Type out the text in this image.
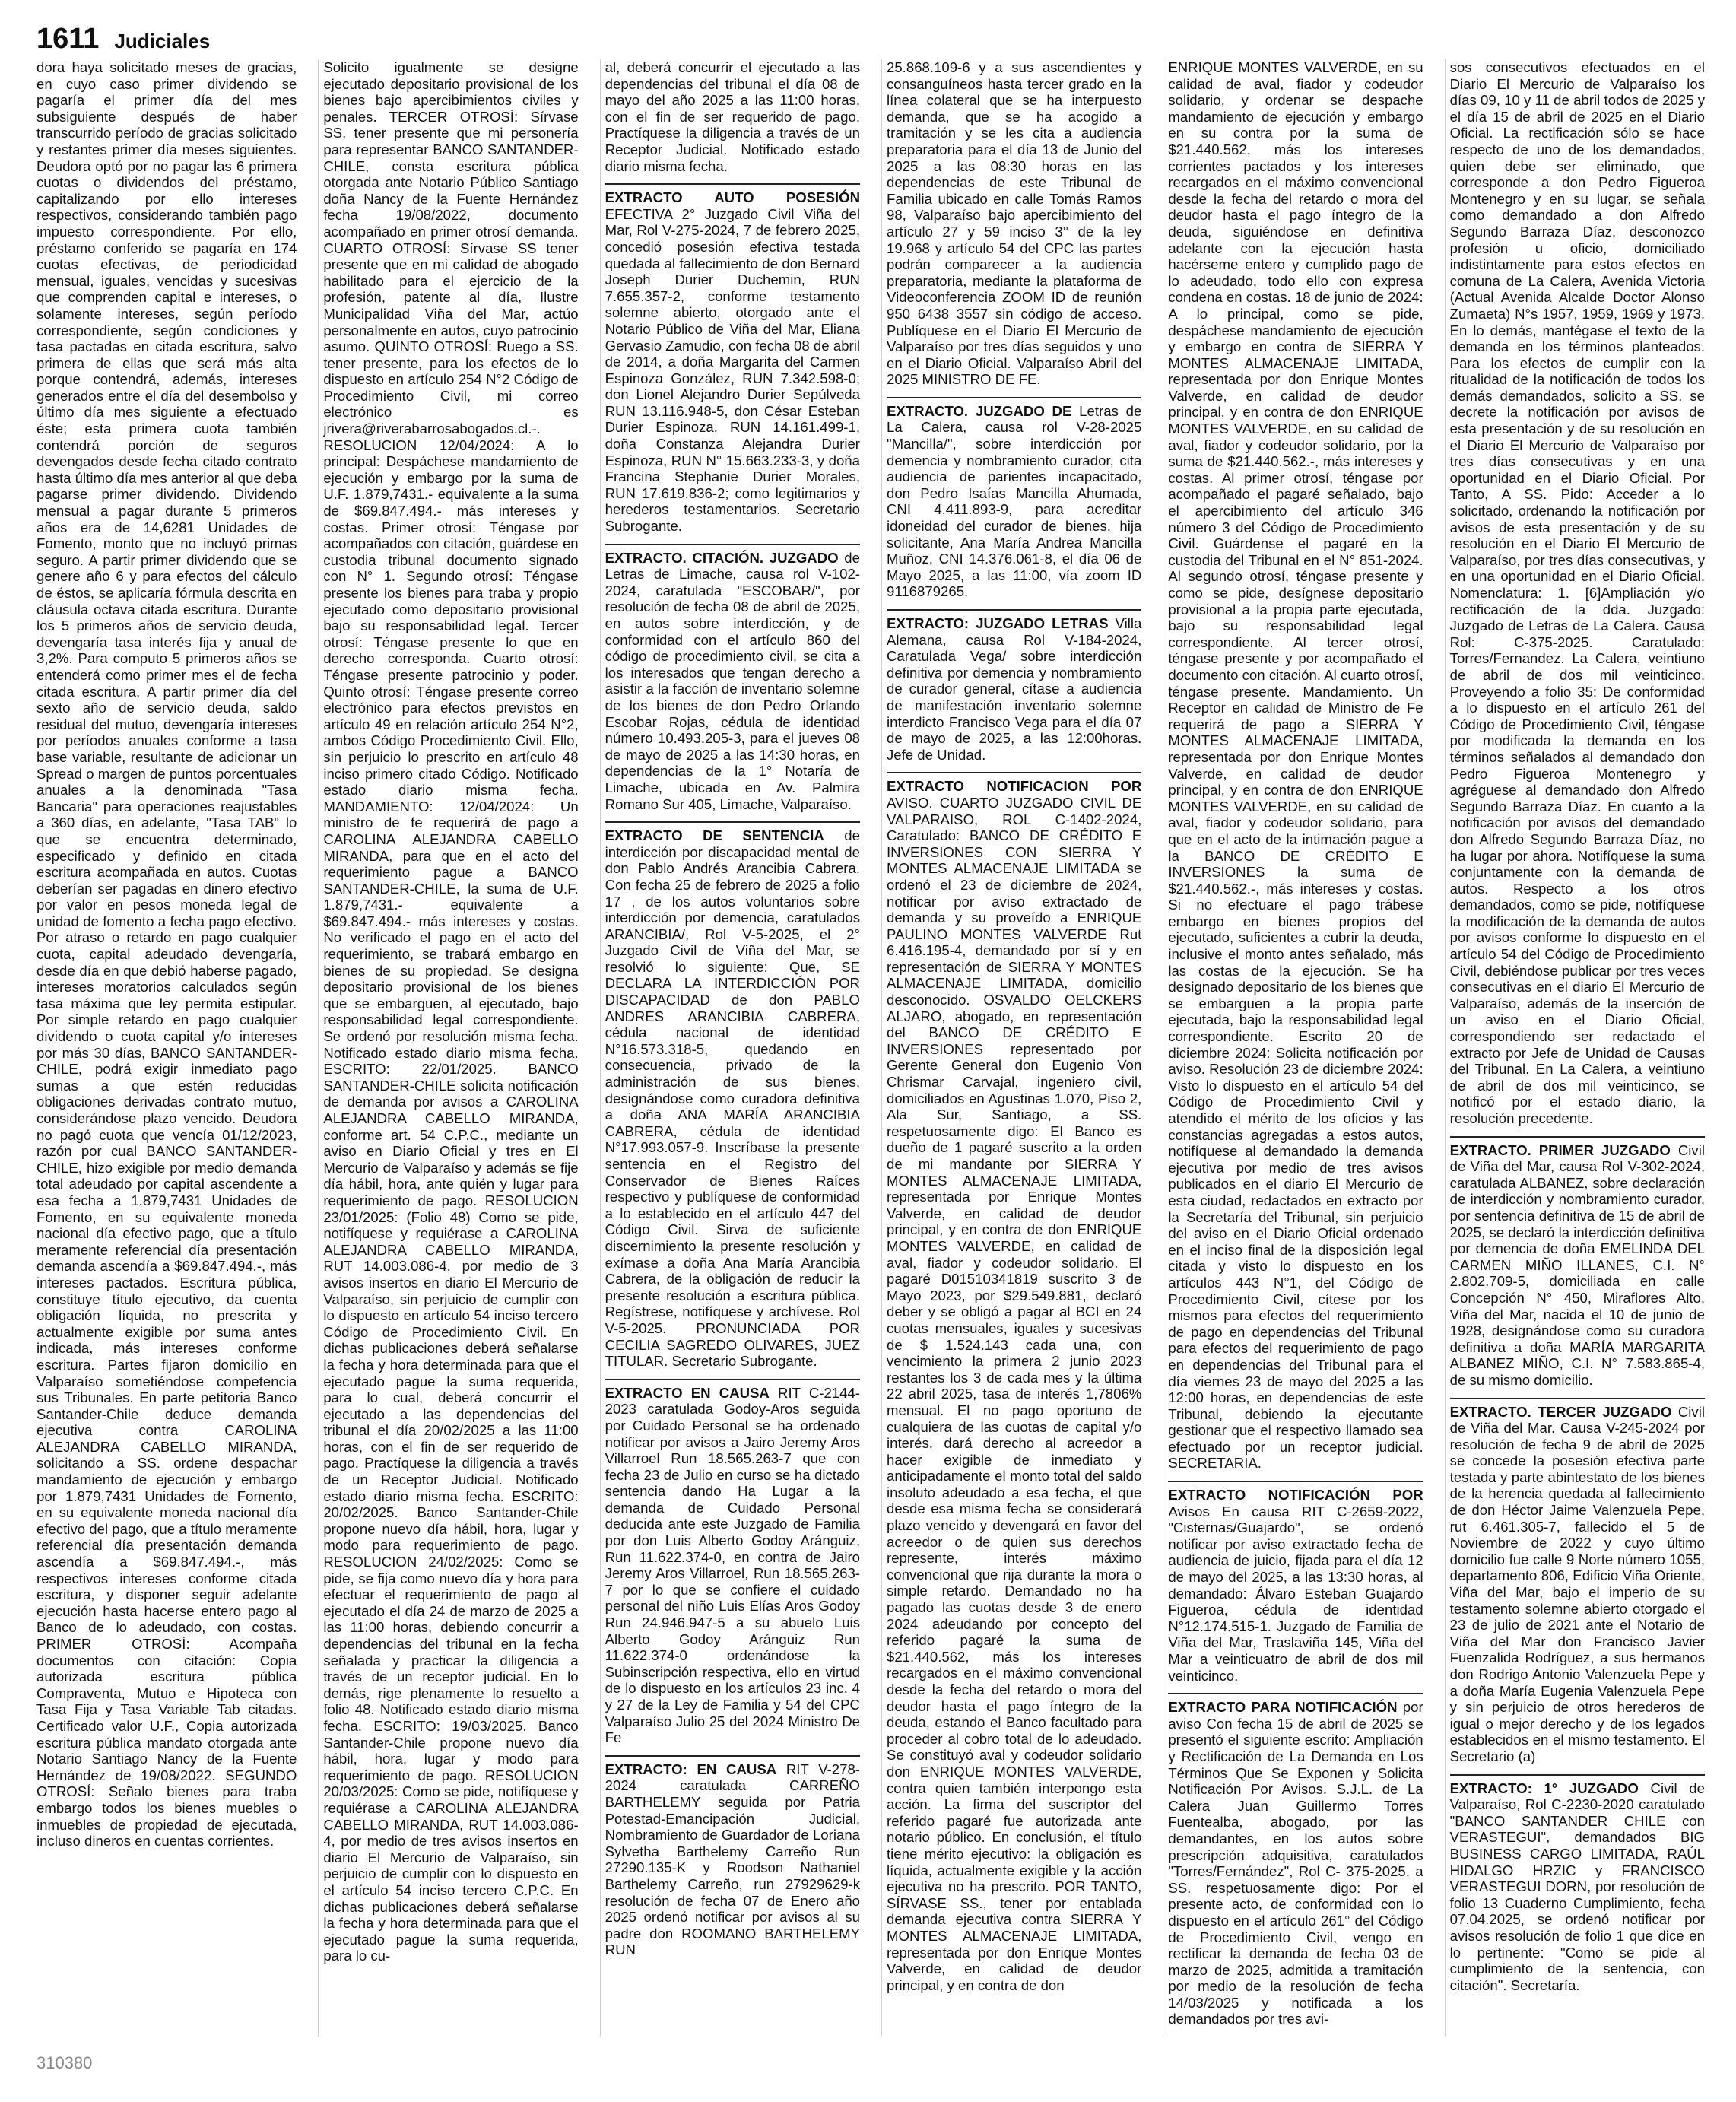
1611 Judiciales

dora haya solicitado meses de gracias, en cuyo caso primer dividendo se pagaría el primer día del mes subsiguiente después de haber transcurrido período de gracias solicitado y restantes primer día meses siguientes. Deudora optó por no pagar las 6 primera cuotas o dividendos del préstamo, capitalizando por ello intereses respectivos, considerando también pago impuesto correspondiente. Por ello, préstamo conferido se pagaría en 174 cuotas efectivas, de periodicidad mensual, iguales, vencidas y sucesivas que comprenden capital e intereses, o solamente intereses, según período correspondiente, según condiciones y tasa pactadas en citada escritura, salvo primera de ellas que será más alta porque contendrá, además, intereses generados entre el día del desembolso y último día mes siguiente a efectuado éste; esta primera cuota también contendrá porción de seguros devengados desde fecha citado contrato hasta último día mes anterior al que deba pagarse primer dividendo. Dividendo mensual a pagar durante 5 primeros años era de 14,6281 Unidades de Fomento, monto que no incluyó primas seguro. A partir primer dividendo que se genere año 6 y para efectos del cálculo de éstos, se aplicaría fórmula descrita en cláusula octava citada escritura. Durante los 5 primeros años de servicio deuda, devengaría tasa interés fija y anual de 3,2%. Para computo 5 primeros años se entenderá como primer mes el de fecha citada escritura. A partir primer día del sexto año de servicio deuda, saldo residual del mutuo, devengaría intereses por períodos anuales conforme a tasa base variable, resultante de adicionar un Spread o margen de puntos porcentuales anuales a la denominada "Tasa Bancaria" para operaciones reajustables a 360 días, en adelante, "Tasa TAB" lo que se encuentra determinado, especificado y definido en citada escritura acompañada en autos. Cuotas deberían ser pagadas en dinero efectivo por valor en pesos moneda legal de unidad de fomento a fecha pago efectivo. Por atraso o retardo en pago cualquier cuota, capital adeudado devengaría, desde día en que debió haberse pagado, intereses moratorios calculados según tasa máxima que ley permita estipular. Por simple retardo en pago cualquier dividendo o cuota capital y/o intereses por más 30 días, BANCO SANTANDER-CHILE, podrá exigir inmediato pago sumas a que estén reducidas obligaciones derivadas contrato mutuo, considerándose plazo vencido. Deudora no pagó cuota que vencía 01/12/2023, razón por cual BANCO SANTANDER-CHILE, hizo exigible por medio demanda total adeudado por capital ascendente a esa fecha a 1.879,7431 Unidades de Fomento, en su equivalente moneda nacional día efectivo pago, que a título meramente referencial día presentación demanda ascendía a $69.847.494.-, más intereses pactados. Escritura pública, constituye título ejecutivo, da cuenta obligación líquida, no prescrita y actualmente exigible por suma antes indicada, más intereses conforme escritura. Partes fijaron domicilio en Valparaíso sometiéndose competencia sus Tribunales. En parte petitoria Banco Santander-Chile deduce demanda ejecutiva contra CAROLINA ALEJANDRA CABELLO MIRANDA, solicitando a SS. ordene despachar mandamiento de ejecución y embargo por 1.879,7431 Unidades de Fomento, en su equivalente moneda nacional día efectivo del pago, que a título meramente referencial día presentación demanda ascendía a $69.847.494.-, más respectivos intereses conforme citada escritura, y disponer seguir adelante ejecución hasta hacerse entero pago al Banco de lo adeudado, con costas. PRIMER OTROSÍ: Acompaña documentos con citación: Copia autorizada escritura pública Compraventa, Mutuo e Hipoteca con Tasa Fija y Tasa Variable Tab citadas. Certificado valor U.F., Copia autorizada escritura pública mandato otorgada ante Notario Santiago Nancy de la Fuente Hernández de 19/08/2022. SEGUNDO OTROSÍ: Señalo bienes para traba embargo todos los bienes muebles o inmuebles de propiedad de ejecutada, incluso dineros en cuentas corrientes.

Solicito igualmente se designe ejecutado depositario provisional de los bienes bajo apercibimientos civiles y penales. TERCER OTROSÍ: Sírvase SS. tener presente que mi personería para representar BANCO SANTANDER-CHILE, consta escritura pública otorgada ante Notario Público Santiago doña Nancy de la Fuente Hernández fecha 19/08/2022, documento acompañado en primer otrosí demanda. CUARTO OTROSÍ: Sírvase SS tener presente que en mi calidad de abogado habilitado para el ejercicio de la profesión, patente al día, Ilustre Municipalidad Viña del Mar, actúo personalmente en autos, cuyo patrocinio asumo. QUINTO OTROSÍ: Ruego a SS. tener presente, para los efectos de lo dispuesto en artículo 254 N°2 Código de Procedimiento Civil, mi correo electrónico es jrivera@riverabarrosabogados.cl.-. RESOLUCION 12/04/2024: A lo principal: Despáchese mandamiento de ejecución y embargo por la suma de U.F. 1.879,7431.- equivalente a la suma de $69.847.494.- más intereses y costas. Primer otrosí: Téngase por acompañados con citación, guárdese en custodia tribunal documento signado con N° 1. Segundo otrosí: Téngase presente los bienes para traba y propio ejecutado como depositario provisional bajo su responsabilidad legal. Tercer otrosí: Téngase presente lo que en derecho corresponda. Cuarto otrosí: Téngase presente patrocinio y poder. Quinto otrosí: Téngase presente correo electrónico para efectos previstos en artículo 49 en relación artículo 254 N°2, ambos Código Procedimiento Civil. Ello, sin perjuicio lo prescrito en artículo 48 inciso primero citado Código. Notificado estado diario misma fecha. MANDAMIENTO: 12/04/2024: Un ministro de fe requerirá de pago a CAROLINA ALEJANDRA CABELLO MIRANDA, para que en el acto del requerimiento pague a BANCO SANTANDER-CHILE, la suma de U.F. 1.879,7431.- equivalente a $69.847.494.- más intereses y costas. No verificado el pago en el acto del requerimiento, se trabará embargo en bienes de su propiedad. Se designa depositario provisional de los bienes que se embarguen, al ejecutado, bajo responsabilidad legal correspondiente. Se ordenó por resolución misma fecha. Notificado estado diario misma fecha. ESCRITO: 22/01/2025. BANCO SANTANDER-CHILE solicita notificación de demanda por avisos a CAROLINA ALEJANDRA CABELLO MIRANDA, conforme art. 54 C.P.C., mediante un aviso en Diario Oficial y tres en El Mercurio de Valparaíso y además se fije día hábil, hora, ante quién y lugar para requerimiento de pago. RESOLUCION 23/01/2025: (Folio 48) Como se pide, notifíquese y requiérase a CAROLINA ALEJANDRA CABELLO MIRANDA, RUT 14.003.086-4, por medio de 3 avisos insertos en diario El Mercurio de Valparaíso, sin perjuicio de cumplir con lo dispuesto en artículo 54 inciso tercero Código de Procedimiento Civil. En dichas publicaciones deberá señalarse la fecha y hora determinada para que el ejecutado pague la suma requerida, para lo cual, deberá concurrir el ejecutado a las dependencias del tribunal el día 20/02/2025 a las 11:00 horas, con el fin de ser requerido de pago. Practíquese la diligencia a través de un Receptor Judicial. Notificado estado diario misma fecha. ESCRITO: 20/02/2025. Banco Santander-Chile propone nuevo día hábil, hora, lugar y modo para requerimiento de pago. RESOLUCION 24/02/2025: Como se pide, se fija como nuevo día y hora para efectuar el requerimiento de pago al ejecutado el día 24 de marzo de 2025 a las 11:00 horas, debiendo concurrir a dependencias del tribunal en la fecha señalada y practicar la diligencia a través de un receptor judicial. En lo demás, rige plenamente lo resuelto a folio 48. Notificado estado diario misma fecha. ESCRITO: 19/03/2025. Banco Santander-Chile propone nuevo día hábil, hora, lugar y modo para requerimiento de pago. RESOLUCION 20/03/2025: Como se pide, notifíquese y requiérase a CAROLINA ALEJANDRA CABELLO MIRANDA, RUT 14.003.086-4, por medio de tres avisos insertos en diario El Mercurio de Valparaíso, sin perjuicio de cumplir con lo dispuesto en el artículo 54 inciso tercero C.P.C. En dichas publicaciones deberá señalarse la fecha y hora determinada para que el ejecutado pague la suma requerida, para lo cu-

al, deberá concurrir el ejecutado a las dependencias del tribunal el día 08 de mayo del año 2025 a las 11:00 horas, con el fin de ser requerido de pago. Practíquese la diligencia a través de un Receptor Judicial. Notificado estado diario misma fecha.

EXTRACTO AUTO POSESIÓN EFECTIVA 2° Juzgado Civil Viña del Mar, Rol V-275-2024, 7 de febrero 2025, concedió posesión efectiva testada quedada al fallecimiento de don Bernard Joseph Durier Duchemin, RUN 7.655.357-2, conforme testamento solemne abierto, otorgado ante el Notario Público de Viña del Mar, Eliana Gervasio Zamudio, con fecha 08 de abril de 2014, a doña Margarita del Carmen Espinoza González, RUN 7.342.598-0; don Lionel Alejandro Durier Sepúlveda RUN 13.116.948-5, don César Esteban Durier Espinoza, RUN 14.161.499-1, doña Constanza Alejandra Durier Espinoza, RUN N° 15.663.233-3, y doña Francina Stephanie Durier Morales, RUN 17.619.836-2; como legitimarios y herederos testamentarios. Secretario Subrogante.

EXTRACTO. CITACIÓN. JUZGADO de Letras de Limache, causa rol V-102-2024, caratulada "ESCOBAR/", por resolución de fecha 08 de abril de 2025, en autos sobre interdicción, y de conformidad con el artículo 860 del código de procedimiento civil, se cita a los interesados que tengan derecho a asistir a la facción de inventario solemne de los bienes de don Pedro Orlando Escobar Rojas, cédula de identidad número 10.493.205-3, para el jueves 08 de mayo de 2025 a las 14:30 horas, en dependencias de la 1° Notaría de Limache, ubicada en Av. Palmira Romano Sur 405, Limache, Valparaíso.

EXTRACTO DE SENTENCIA de interdicción por discapacidad mental de don Pablo Andrés Arancibia Cabrera. Con fecha 25 de febrero de 2025 a folio 17 , de los autos voluntarios sobre interdicción por demencia, caratulados ARANCIBIA/, Rol V-5-2025, el 2° Juzgado Civil de Viña del Mar, se resolvió lo siguiente: Que, SE DECLARA LA INTERDICCIÓN POR DISCAPACIDAD de don PABLO ANDRES ARANCIBIA CABRERA, cédula nacional de identidad N°16.573.318-5, quedando en consecuencia, privado de la administración de sus bienes, designándose como curadora definitiva a doña ANA MARÍA ARANCIBIA CABRERA, cédula de identidad N°17.993.057-9. Inscríbase la presente sentencia en el Registro del Conservador de Bienes Raíces respectivo y publíquese de conformidad a lo establecido en el artículo 447 del Código Civil. Sirva de suficiente discernimiento la presente resolución y exímase a doña Ana María Arancibia Cabrera, de la obligación de reducir la presente resolución a escritura pública. Regístrese, notifíquese y archívese. Rol V-5-2025. PRONUNCIADA POR CECILIA SAGREDO OLIVARES, JUEZ TITULAR. Secretario Subrogante.

EXTRACTO EN CAUSA RIT C-2144-2023 caratulada Godoy-Aros seguida por Cuidado Personal se ha ordenado notificar por avisos a Jairo Jeremy Aros Villarroel Run 18.565.263-7 que con fecha 23 de Julio en curso se ha dictado sentencia dando Ha Lugar a la demanda de Cuidado Personal deducida ante este Juzgado de Familia por don Luis Alberto Godoy Aránguiz, Run 11.622.374-0, en contra de Jairo Jeremy Aros Villarroel, Run 18.565.263-7 por lo que se confiere el cuidado personal del niño Luis Elías Aros Godoy Run 24.946.947-5 a su abuelo Luis Alberto Godoy Aránguiz Run 11.622.374-0 ordenándose la Subinscripción respectiva, ello en virtud de lo dispuesto en los artículos 23 inc. 4 y 27 de la Ley de Familia y 54 del CPC Valparaíso Julio 25 del 2024 Ministro De Fe

EXTRACTO: EN CAUSA RIT V-278-2024 caratulada CARREÑO BARTHELEMY seguida por Patria Potestad-Emancipación Judicial, Nombramiento de Guardador de Loriana Sylvetha Barthelemy Carreño Run 27290.135-K y Roodson Nathaniel Barthelemy Carreño, run 27929629-k resolución de fecha 07 de Enero año 2025 ordenó notificar por avisos al su padre don ROOMANO BARTHELEMY RUN

25.868.109-6 y a sus ascendientes y consanguíneos hasta tercer grado en la línea colateral que se ha interpuesto demanda, que se ha acogido a tramitación y se les cita a audiencia preparatoria para el día 13 de Junio del 2025 a las 08:30 horas en las dependencias de este Tribunal de Familia ubicado en calle Tomás Ramos 98, Valparaíso bajo apercibimiento del artículo 27 y 59 inciso 3° de la ley 19.968 y artículo 54 del CPC las partes podrán comparecer a la audiencia preparatoria, mediante la plataforma de Videoconferencia ZOOM ID de reunión 950 6438 3557 sin código de acceso. Publíquese en el Diario El Mercurio de Valparaíso por tres días seguidos y uno en el Diario Oficial. Valparaíso Abril del 2025 MINISTRO DE FE.

EXTRACTO. JUZGADO DE Letras de La Calera, causa rol V-28-2025 "Mancilla/", sobre interdicción por demencia y nombramiento curador, cita audiencia de parientes incapacitado, don Pedro Isaías Mancilla Ahumada, CNI 4.411.893-9, para acreditar idoneidad del curador de bienes, hija solicitante, Ana María Andrea Mancilla Muñoz, CNI 14.376.061-8, el día 06 de Mayo 2025, a las 11:00, vía zoom ID 9116879265.

EXTRACTO: JUZGADO LETRAS Villa Alemana, causa Rol V-184-2024, Caratulada Vega/ sobre interdicción definitiva por demencia y nombramiento de curador general, cítase a audiencia de manifestación inventario solemne interdicto Francisco Vega para el día 07 de mayo de 2025, a las 12:00horas. Jefe de Unidad.

EXTRACTO NOTIFICACION POR AVISO. CUARTO JUZGADO CIVIL DE VALPARAISO, ROL C-1402-2024, Caratulado: BANCO DE CRÉDITO E INVERSIONES CON SIERRA Y MONTES ALMACENAJE LIMITADA se ordenó el 23 de diciembre de 2024, notificar por aviso extractado de demanda y su proveído a ENRIQUE PAULINO MONTES VALVERDE Rut 6.416.195-4, demandado por sí y en representación de SIERRA Y MONTES ALMACENAJE LIMITADA, domicilio desconocido. OSVALDO OELCKERS ALJARO, abogado, en representación del BANCO DE CRÉDITO E INVERSIONES representado por Gerente General don Eugenio Von Chrismar Carvajal, ingeniero civil, domiciliados en Agustinas 1.070, Piso 2, Ala Sur, Santiago, a SS. respetuosamente digo: El Banco es dueño de 1 pagaré suscrito a la orden de mi mandante por SIERRA Y MONTES ALMACENAJE LIMITADA, representada por Enrique Montes Valverde, en calidad de deudor principal, y en contra de don ENRIQUE MONTES VALVERDE, en calidad de aval, fiador y codeudor solidario. El pagaré D01510341819 suscrito 3 de Mayo 2023, por $29.549.881, declaró deber y se obligó a pagar al BCI en 24 cuotas mensuales, iguales y sucesivas de $ 1.524.143 cada una, con vencimiento la primera 2 junio 2023 restantes los 3 de cada mes y la última 22 abril 2025, tasa de interés 1,7806% mensual. El no pago oportuno de cualquiera de las cuotas de capital y/o interés, dará derecho al acreedor a hacer exigible de inmediato y anticipadamente el monto total del saldo insoluto adeudado a esa fecha, el que desde esa misma fecha se considerará plazo vencido y devengará en favor del acreedor o de quien sus derechos represente, interés máximo convencional que rija durante la mora o simple retardo. Demandado no ha pagado las cuotas desde 3 de enero 2024 adeudando por concepto del referido pagaré la suma de $21.440.562, más los intereses recargados en el máximo convencional desde la fecha del retardo o mora del deudor hasta el pago íntegro de la deuda, estando el Banco facultado para proceder al cobro total de lo adeudado. Se constituyó aval y codeudor solidario don ENRIQUE MONTES VALVERDE, contra quien también interpongo esta acción. La firma del suscriptor del referido pagaré fue autorizada ante notario público. En conclusión, el título tiene mérito ejecutivo: la obligación es líquida, actualmente exigible y la acción ejecutiva no ha prescrito. POR TANTO, SÍRVASE SS., tener por entablada demanda ejecutiva contra SIERRA Y MONTES ALMACENAJE LIMITADA, representada por don Enrique Montes Valverde, en calidad de deudor principal, y en contra de don

ENRIQUE MONTES VALVERDE, en su calidad de aval, fiador y codeudor solidario, y ordenar se despache mandamiento de ejecución y embargo en su contra por la suma de $21.440.562, más los intereses corrientes pactados y los intereses recargados en el máximo convencional desde la fecha del retardo o mora del deudor hasta el pago íntegro de la deuda, siguiéndose en definitiva adelante con la ejecución hasta hacérseme entero y cumplido pago de lo adeudado, todo ello con expresa condena en costas. 18 de junio de 2024: A lo principal, como se pide, despáchese mandamiento de ejecución y embargo en contra de SIERRA Y MONTES ALMACENAJE LIMITADA, representada por don Enrique Montes Valverde, en calidad de deudor principal, y en contra de don ENRIQUE MONTES VALVERDE, en su calidad de aval, fiador y codeudor solidario, por la suma de $21.440.562.-, más intereses y costas. Al primer otrosí, téngase por acompañado el pagaré señalado, bajo el apercibimiento del artículo 346 número 3 del Código de Procedimiento Civil. Guárdense el pagaré en la custodia del Tribunal en el N° 851-2024. Al segundo otrosí, téngase presente y como se pide, desígnese depositario provisional a la propia parte ejecutada, bajo su responsabilidad legal correspondiente. Al tercer otrosí, téngase presente y por acompañado el documento con citación. Al cuarto otrosí, téngase presente. Mandamiento. Un Receptor en calidad de Ministro de Fe requerirá de pago a SIERRA Y MONTES ALMACENAJE LIMITADA, representada por don Enrique Montes Valverde, en calidad de deudor principal, y en contra de don ENRIQUE MONTES VALVERDE, en su calidad de aval, fiador y codeudor solidario, para que en el acto de la intimación pague a la BANCO DE CRÉDITO E INVERSIONES la suma de $21.440.562.-, más intereses y costas. Si no efectuare el pago trábese embargo en bienes propios del ejecutado, suficientes a cubrir la deuda, inclusive el monto antes señalado, más las costas de la ejecución. Se ha designado depositario de los bienes que se embarguen a la propia parte ejecutada, bajo la responsabilidad legal correspondiente. Escrito 20 de diciembre 2024: Solicita notificación por aviso. Resolución 23 de diciembre 2024: Visto lo dispuesto en el artículo 54 del Código de Procedimiento Civil y atendido el mérito de los oficios y las constancias agregadas a estos autos, notifíquese al demandado la demanda ejecutiva por medio de tres avisos publicados en el diario El Mercurio de esta ciudad, redactados en extracto por la Secretaría del Tribunal, sin perjuicio del aviso en el Diario Oficial ordenado en el inciso final de la disposición legal citada y visto lo dispuesto en los artículos 443 N°1, del Código de Procedimiento Civil, cítese por los mismos para efectos del requerimiento de pago en dependencias del Tribunal para efectos del requerimiento de pago en dependencias del Tribunal para el día viernes 23 de mayo del 2025 a las 12:00 horas, en dependencias de este Tribunal, debiendo la ejecutante gestionar que el respectivo llamado sea efectuado por un receptor judicial. SECRETARIA.

EXTRACTO NOTIFICACIÓN POR Avisos En causa RIT C-2659-2022, "Cisternas/Guajardo", se ordenó notificar por aviso extractado fecha de audiencia de juicio, fijada para el día 12 de mayo del 2025, a las 13:30 horas, al demandado: Álvaro Esteban Guajardo Figueroa, cédula de identidad N°12.174.515-1. Juzgado de Familia de Viña del Mar, Traslaviña 145, Viña del Mar a veinticuatro de abril de dos mil veinticinco.

EXTRACTO PARA NOTIFICACIÓN por aviso Con fecha 15 de abril de 2025 se presentó el siguiente escrito: Ampliación y Rectificación de La Demanda en Los Términos Que Se Exponen y Solicita Notificación Por Avisos. S.J.L. de La Calera Juan Guillermo Torres Fuentealba, abogado, por las demandantes, en los autos sobre prescripción adquisitiva, caratulados "Torres/Fernández", Rol C- 375-2025, a SS. respetuosamente digo: Por el presente acto, de conformidad con lo dispuesto en el artículo 261° del Código de Procedimiento Civil, vengo en rectificar la demanda de fecha 03 de marzo de 2025, admitida a tramitación por medio de la resolución de fecha 14/03/2025 y notificada a los demandados por tres avi-

sos consecutivos efectuados en el Diario El Mercurio de Valparaíso los días 09, 10 y 11 de abril todos de 2025 y el día 15 de abril de 2025 en el Diario Oficial. La rectificación sólo se hace respecto de uno de los demandados, quien debe ser eliminado, que corresponde a don Pedro Figueroa Montenegro y en su lugar, se señala como demandado a don Alfredo Segundo Barraza Díaz, desconozco profesión u oficio, domiciliado indistintamente para estos efectos en comuna de La Calera, Avenida Victoria (Actual Avenida Alcalde Doctor Alonso Zumaeta) N°s 1957, 1959, 1969 y 1973. En lo demás, mantégase el texto de la demanda en los términos planteados. Para los efectos de cumplir con la ritualidad de la notificación de todos los demás demandados, solicito a SS. se decrete la notificación por avisos de esta presentación y de su resolución en el Diario El Mercurio de Valparaíso por tres días consecutivas y en una oportunidad en el Diario Oficial. Por Tanto, A SS. Pido: Acceder a lo solicitado, ordenando la notificación por avisos de esta presentación y de su resolución en el Diario El Mercurio de Valparaíso, por tres días consecutivas, y en una oportunidad en el Diario Oficial. Nomenclatura: 1. [6]Ampliación y/o rectificación de la dda. Juzgado: Juzgado de Letras de La Calera. Causa Rol: C-375-2025. Caratulado: Torres/Fernandez. La Calera, veintiuno de abril de dos mil veinticinco. Proveyendo a folio 35: De conformidad a lo dispuesto en el artículo 261 del Código de Procedimiento Civil, téngase por modificada la demanda en los términos señalados al demandado don Pedro Figueroa Montenegro y agréguese al demandado don Alfredo Segundo Barraza Díaz. En cuanto a la notificación por avisos del demandado don Alfredo Segundo Barraza Díaz, no ha lugar por ahora. Notifíquese la suma conjuntamente con la demanda de autos. Respecto a los otros demandados, como se pide, notifíquese la modificación de la demanda de autos por avisos conforme lo dispuesto en el artículo 54 del Código de Procedimiento Civil, debiéndose publicar por tres veces consecutivas en el diario El Mercurio de Valparaíso, además de la inserción de un aviso en el Diario Oficial, correspondiendo ser redactado el extracto por Jefe de Unidad de Causas del Tribunal. En La Calera, a veintiuno de abril de dos mil veinticinco, se notificó por el estado diario, la resolución precedente.

EXTRACTO. PRIMER JUZGADO Civil de Viña del Mar, causa Rol V-302-2024, caratulada ALBANEZ, sobre declaración de interdicción y nombramiento curador, por sentencia definitiva de 15 de abril de 2025, se declaró la interdicción definitiva por demencia de doña EMELINDA DEL CARMEN MIÑO ILLANES, C.I. N° 2.802.709-5, domiciliada en calle Concepción N° 450, Miraflores Alto, Viña del Mar, nacida el 10 de junio de 1928, designándose como su curadora definitiva a doña MARÍA MARGARITA ALBANEZ MIÑO, C.I. N° 7.583.865-4, de su mismo domicilio.

EXTRACTO. TERCER JUZGADO Civil de Viña del Mar. Causa V-245-2024 por resolución de fecha 9 de abril de 2025 se concede la posesión efectiva parte testada y parte abintestato de los bienes de la herencia quedada al fallecimiento de don Héctor Jaime Valenzuela Pepe, rut 6.461.305-7, fallecido el 5 de Noviembre de 2022 y cuyo último domicilio fue calle 9 Norte número 1055, departamento 806, Edificio Viña Oriente, Viña del Mar, bajo el imperio de su testamento solemne abierto otorgado el 23 de julio de 2021 ante el Notario de Viña del Mar don Francisco Javier Fuenzalida Rodríguez, a sus hermanos don Rodrigo Antonio Valenzuela Pepe y a doña María Eugenia Valenzuela Pepe y sin perjuicio de otros herederos de igual o mejor derecho y de los legados establecidos en el mismo testamento. El Secretario (a)

EXTRACTO: 1° JUZGADO Civil de Valparaíso, Rol C-2230-2020 caratulado "BANCO SANTANDER CHILE con VERASTEGUI", demandados BIG BUSINESS CARGO LIMITADA, RAÚL HIDALGO HRZIC y FRANCISCO VERASTEGUI DORN, por resolución de folio 13 Cuaderno Cumplimiento, fecha 07.04.2025, se ordenó notificar por avisos resolución de folio 1 que dice en lo pertinente: "Como se pide al cumplimiento de la sentencia, con citación". Secretaría.

310380
